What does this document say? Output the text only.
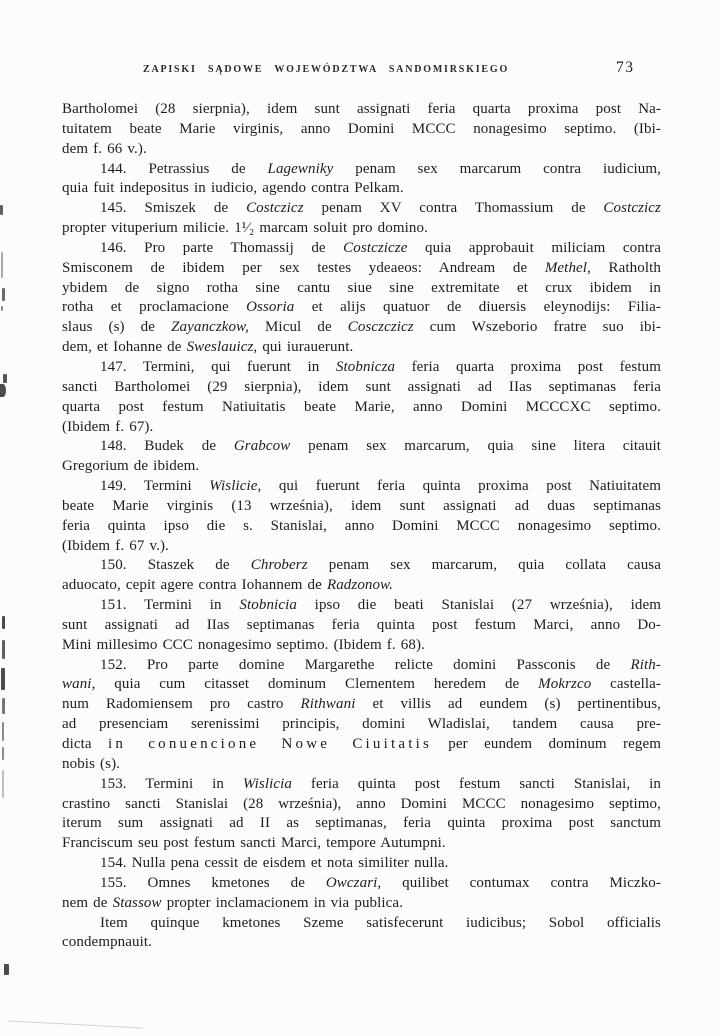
ZAPISKI SĄDOWE WOJEWÓDZTWA SANDOMIRSKIEGO	73
Bartholomei (28 sierpnia), idem sunt assignati feria quarta proxima post Na-
tuitatem beate Marie virginis, anno Domini MCCC nonagesimo septimo. (Ibi-
dem f. 66 v.).
144. Petrassius de Lagewniky penam sex marcarum contra iudicium,
quia fuit indepositus in iudicio, agendo contra Pelkam.
145. Smiszek de Costczicz penam XV contra Thomassium de Costczicz
propter vituperium milicie. 1¹⁄₂ marcam soluit pro domino.
146. Pro parte Thomassij de Costczicze quia approbauit miliciam contra
Smisconem de ibidem per sex testes ydeaeos: Andream de Methel, Ratholth
ybidem de signo rotha sine cantu siue sine extremitate et crux ibidem in
rotha et proclamacione Ossoria et alijs quatuor de diuersis eleynodijs: Filia-
slaus (s) de Zayanczkow, Micul de Cosczczicz cum Wszeborio fratre suo ibi-
dem, et Iohanne de Sweslauicz, qui iurauerunt.
147. Termini, qui fuerunt in Stobnicza feria quarta proxima post festum
sancti Bartholomei (29 sierpnia), idem sunt assignati ad IIas septimanas feria
quarta post festum Natiuitatis beate Marie, anno Domini MCCCXC septimo.
(Ibidem f. 67).
148. Budek de Grabcow penam sex marcarum, quia sine litera citauit
Gregorium de ibidem.
149. Termini Wislicie, qui fuerunt feria quinta proxima post Natiuitatem
beate Marie virginis (13 września), idem sunt assignati ad duas septimanas
feria quinta ipso die s. Stanislai, anno Domini MCCC nonagesimo septimo.
(Ibidem f. 67 v.).
150. Staszek de Chroberz penam sex marcarum, quia collata causa
aduocato, cepit agere contra Iohannem de Radzonow.
151. Termini in Stobnicia ipso die beati Stanislai (27 września), idem
sunt assignati ad IIas septimanas feria quinta post festum Marci, anno Do-
Mini millesimo CCC nonagesimo septimo. (Ibidem f. 68).
152. Pro parte domine Margarethe relicte domini Passconis de Rith-
wani, quia cum citasset dominum Clementem heredem de Mokrzco castella-
num Radomiensem pro castro Rithwani et villis ad eundem (s) pertinentibus,
ad presenciam serenissimi principis, domini Wladislai, tandem causa pre-
dicta in conuencione Nowe Ciuitatis per eundem dominum regem
nobis (s).
153. Termini in Wislicia feria quinta post festum sancti Stanislai, in
crastino sancti Stanislai (28 września), anno Domini MCCC nonagesimo septimo,
iterum sum assignati ad II as septimanas, feria quinta proxima post sanctum
Franciscum seu post festum sancti Marci, tempore Autumpni.
154. Nulla pena cessit de eisdem et nota similiter nulla.
155. Omnes kmetones de Owczari, quilibet contumax contra Miczko-
nem de Stassow propter inclamacionem in via publica.
Item quinque kmetones Szeme satisfecerunt iudicibus; Sobol officialis
condempnauit.
